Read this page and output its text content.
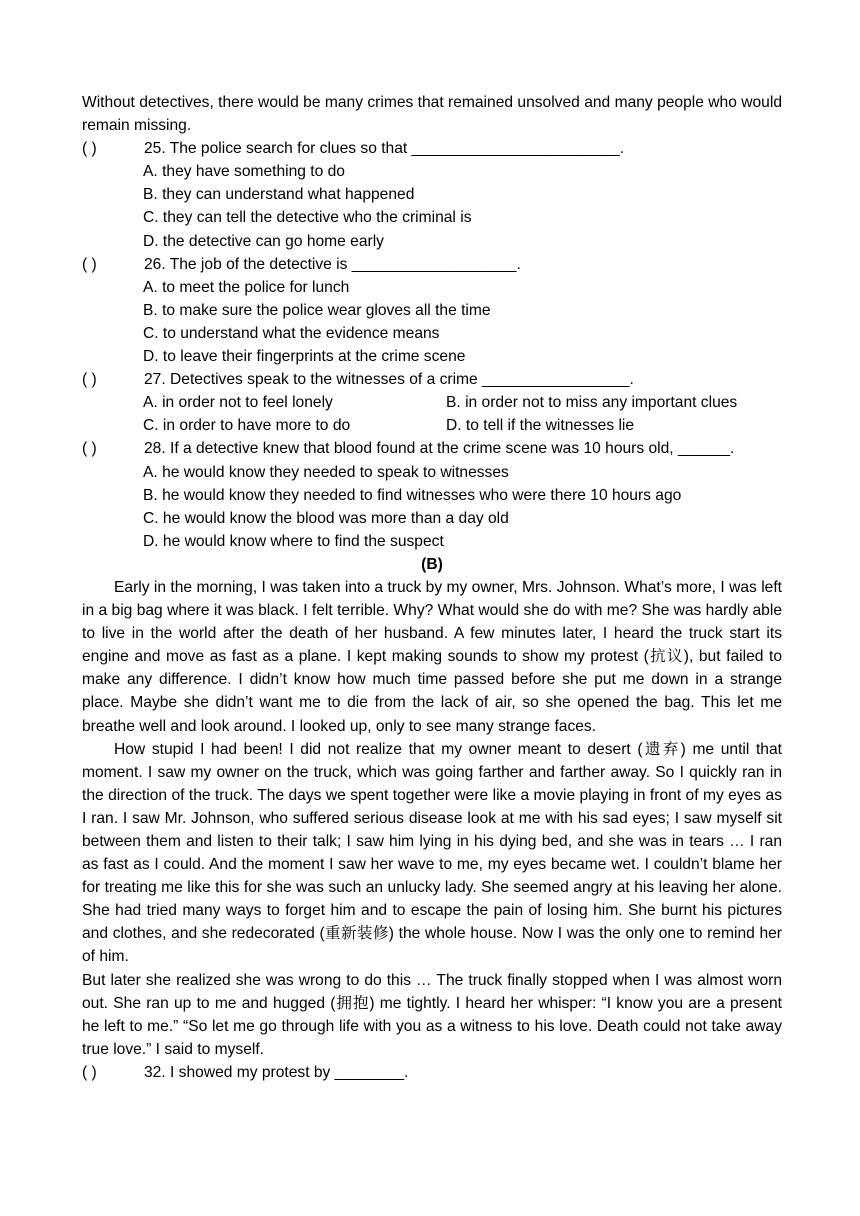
Without detectives, there would be many crimes that remained unsolved and many people who would remain missing.

( )	25. The police search for clues so that ________________________.
A. they have something to do
B. they can understand what happened
C. they can tell the detective who the criminal is
D. the detective can go home early
( )	26. The job of the detective is ___________________.
A. to meet the police for lunch
B. to make sure the police wear gloves all the time
C. to understand what the evidence means
D. to leave their fingerprints at the crime scene
( )	27. Detectives speak to the witnesses of a crime _________________.
A. in order not to feel lonely	B. in order not to miss any important clues
C. in order to have more to do	D. to tell if the witnesses lie
( )	28. If a detective knew that blood found at the crime scene was 10 hours old, ______.
A. he would know they needed to speak to witnesses
B. he would know they needed to find witnesses who were there 10 hours ago
C. he would know the blood was more than a day old
D. he would know where to find the suspect
(B)

Early in the morning, I was taken into a truck by my owner, Mrs. Johnson. What’s more, I was left in a big bag where it was black. I felt terrible. Why? What would she do with me? She was hardly able to live in the world after the death of her husband. A few minutes later, I heard the truck start its engine and move as fast as a plane. I kept making sounds to show my protest (抗议), but failed to make any difference. I didn’t know how much time passed before she put me down in a strange place. Maybe she didn’t want me to die from the lack of air, so she opened the bag. This let me breathe well and look around. I looked up, only to see many strange faces.

How stupid I had been! I did not realize that my owner meant to desert (遗弃) me until that moment. I saw my owner on the truck, which was going farther and farther away. So I quickly ran in the direction of the truck. The days we spent together were like a movie playing in front of my eyes as I ran. I saw Mr. Johnson, who suffered serious disease look at me with his sad eyes; I saw myself sit between them and listen to their talk; I saw him lying in his dying bed, and she was in tears … I ran as fast as I could. And the moment I saw her wave to me, my eyes became wet. I couldn’t blame her for treating me like this for she was such an unlucky lady. She seemed angry at his leaving her alone. She had tried many ways to forget him and to escape the pain of losing him. She burnt his pictures and clothes, and she redecorated (重新装修) the whole house. Now I was the only one to remind her of him.

But later she realized she was wrong to do this … The truck finally stopped when I was almost worn out. She ran up to me and hugged (拥抱) me tightly. I heard her whisper: “I know you are a present he left to me.” “So let me go through life with you as a witness to his love. Death could not take away true love.” I said to myself.

( )	32. I showed my protest by ________.
